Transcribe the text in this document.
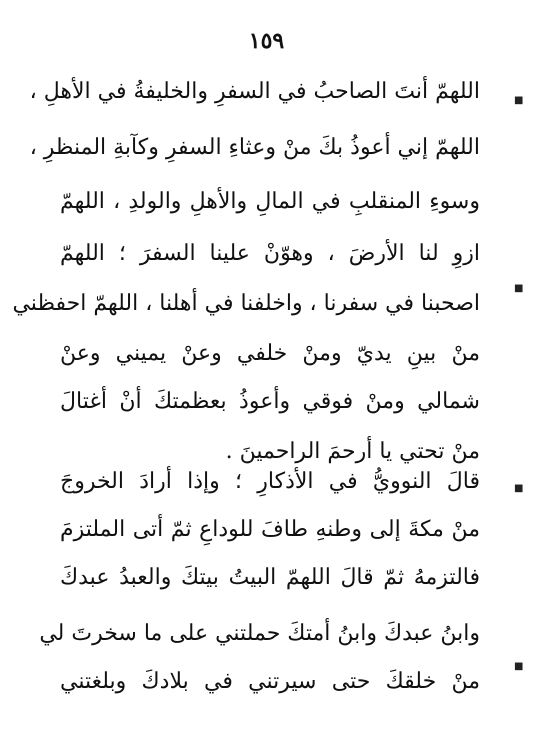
١٥٩
اللهمّ أنتَ الصاحبُ في السفرِ والخليفةُ في الأهلِ ،
اللهمّ إني أعوذُ بكَ منْ وعثاءِ السفرِ وكآبةِ المنظرِ ،
وسوءِ المنقلبِ في المالِ والأهلِ والولدِ ، اللهمّ
ازوِ لنا الأرضَ ، وهوّنْ علينا السفرَ ؛ اللهمّ
اصحبنا في سفرنا ، واخلفنا في أهلنا ، اللهمّ احفظني
منْ بينِ يديّ ومنْ خلفي وعنْ يميني وعنْ
شمالي ومنْ فوقي وأعوذُ بعظمتكَ أنْ أغتالَ
منْ تحتي يا أرحمَ الراحمينَ .
قالَ النوويُّ في الأذكارِ ؛ وإذا أرادَ الخروجَ
منْ مكةَ إلى وطنهِ طافَ للوداعِ ثمّ أتى الملتزمَ
فالتزمهُ ثمّ قالَ اللهمّ البيتُ بيتكَ والعبدُ عبدكَ
وابنُ عبدكَ وابنُ أمتكَ حملتني على ما سخرتَ لي
منْ خلقكَ حتى سيرتني في بلادكَ وبلغتني
■
■
■
■
